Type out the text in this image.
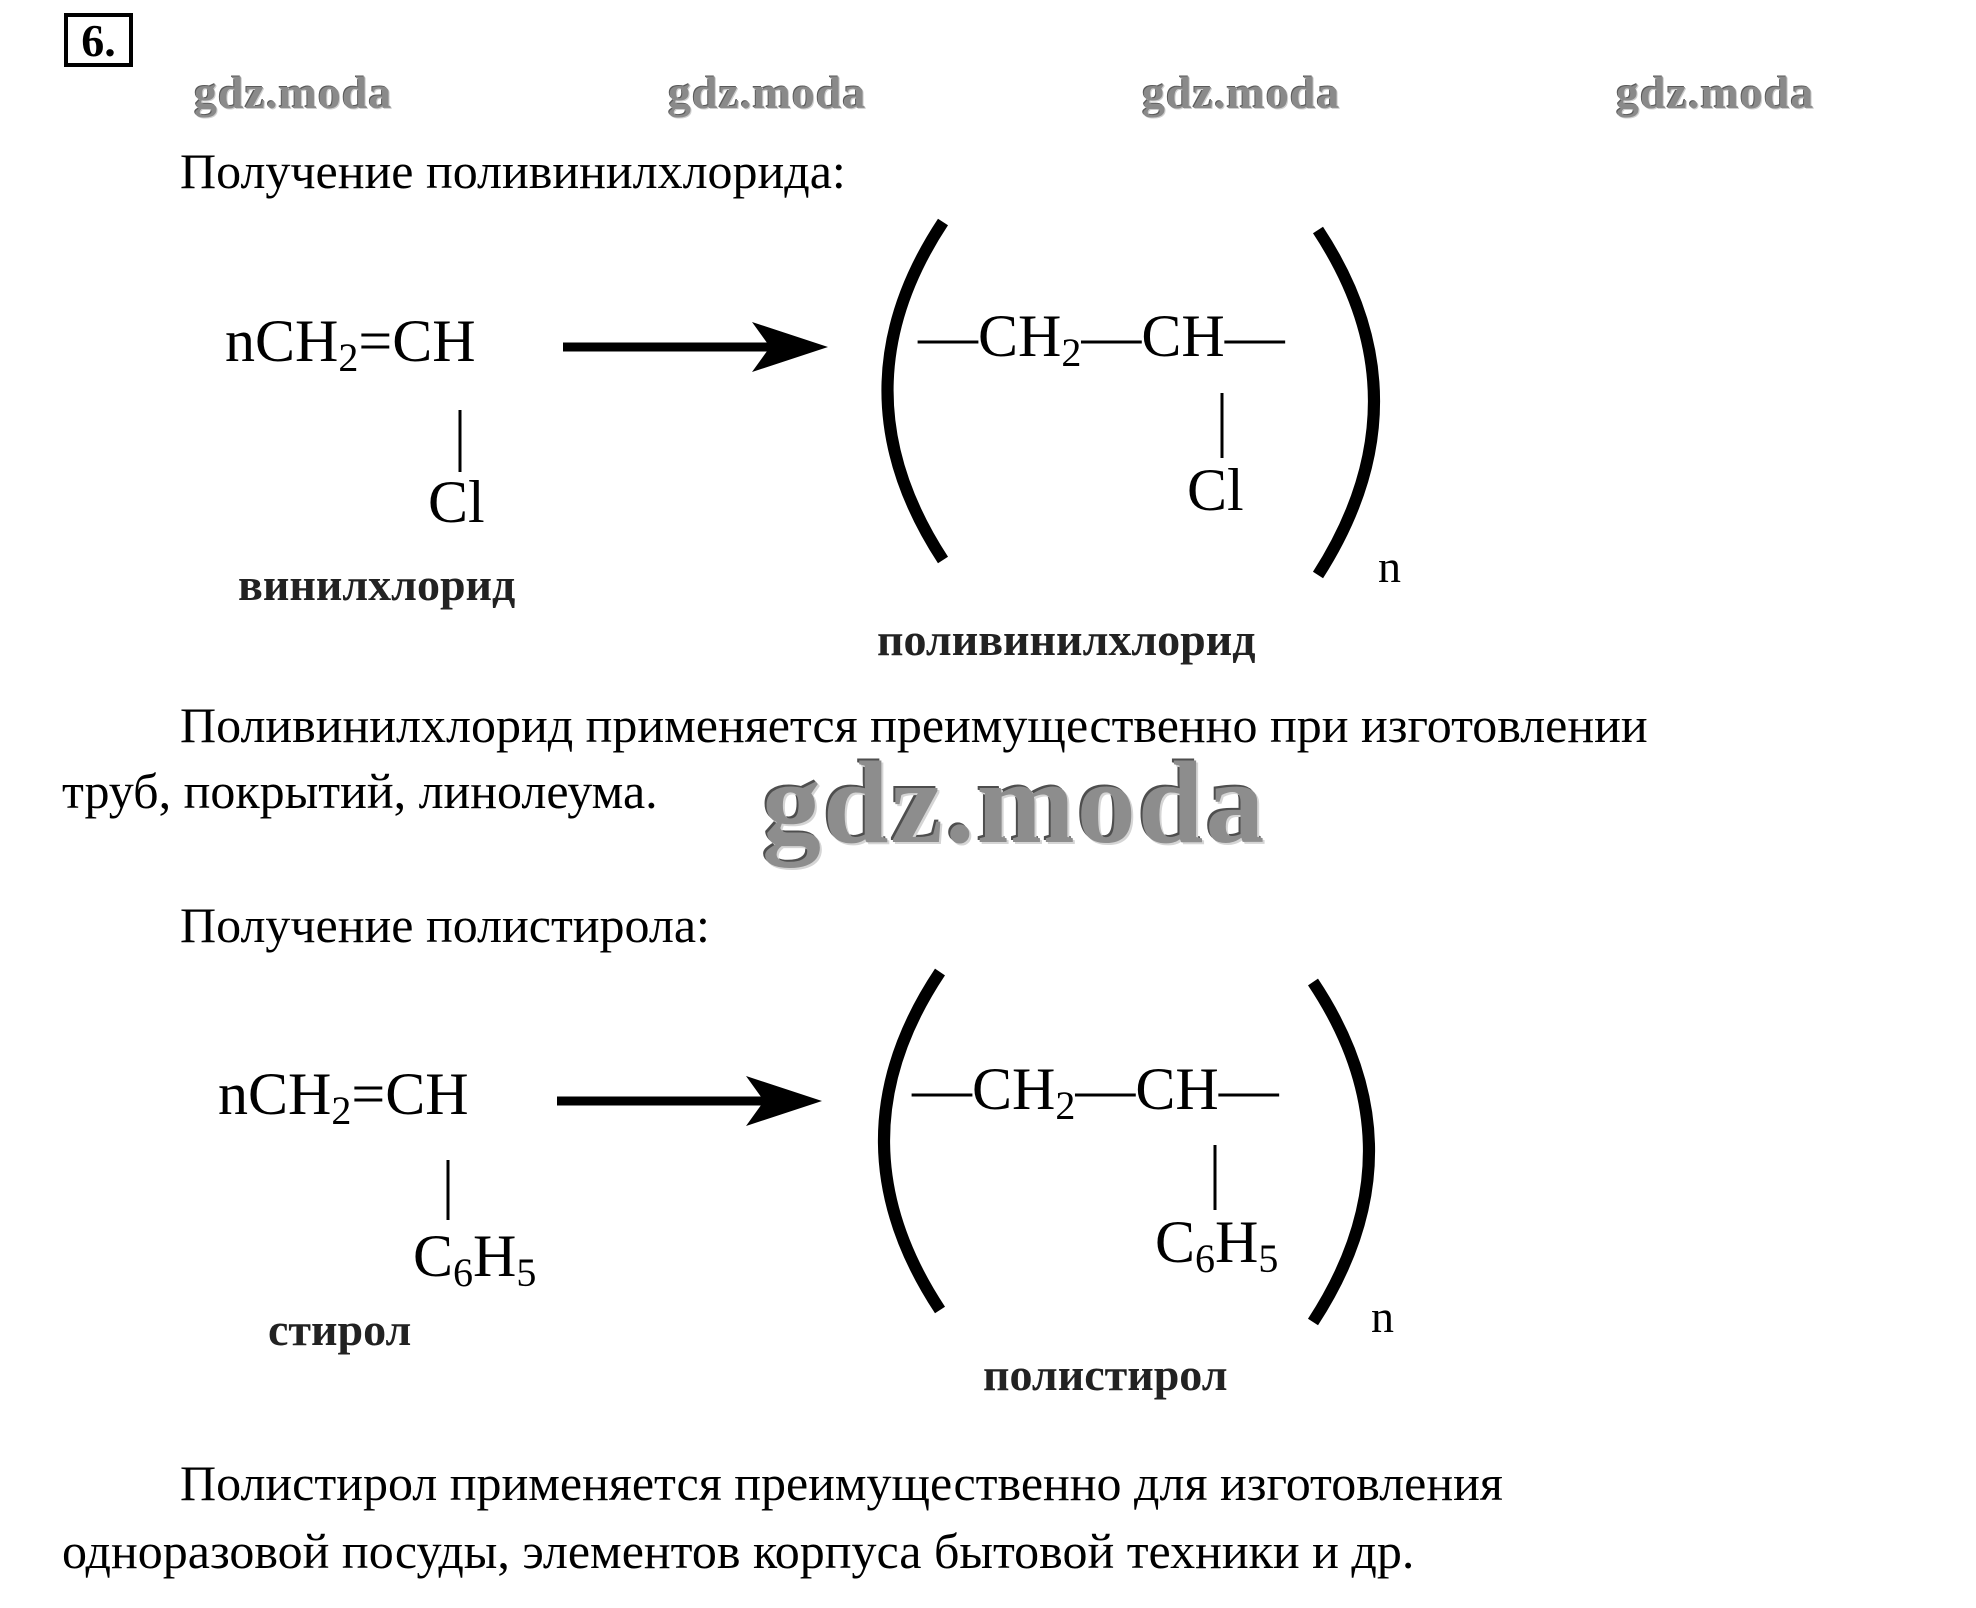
6.
gdz.moda	gdz.moda	gdz.moda	gdz.moda
Получение поливинилхлорида:
nCH$_2$=CH
Cl
винилхлорид
$—CH_2—CH—$
Cl
n
поливинилхлорид
Поливинилхлорид применяется преимущественно при изготовлении
труб, покрытий, линолеума. gdz.moda
Получение полистирола:
nCH$_2$=CH
$C_6H_5$
стирол
$—CH_2—CH—$
$C_6H_5$
n
полистирол
Полистирол применяется преимущественно для изготовления
одноразовой посуды, элементов корпуса бытовой техники и др.
